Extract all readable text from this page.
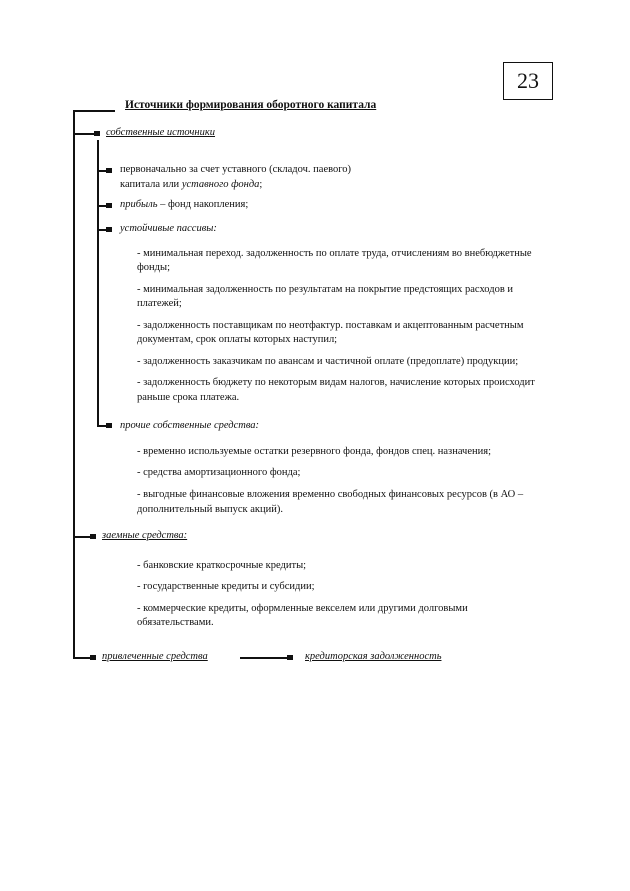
23
Источники формирования оборотного капитала
собственные источники
первоначально за счет уставного (складоч. паевого)
капитала или уставного фонда;
прибыль – фонд накопления;
устойчивые пассивы:
- минимальная переход. задолженность по оплате труда, отчислениям во внебюджетные
фонды;
- минимальная задолженность по результатам на покрытие предстоящих расходов и
платежей;
- задолженность поставщикам по неотфактур. поставкам и акцептованным расчетным
документам, срок оплаты которых наступил;
- задолженность заказчикам по авансам и частичной оплате (предоплате) продукции;
- задолженность бюджету по некоторым видам налогов, начисление которых происходит
раньше срока платежа.
прочие собственные средства:
- временно используемые остатки резервного фонда, фондов спец. назначения;
- средства амортизационного фонда;
- выгодные финансовые вложения временно свободных финансовых ресурсов (в АО –
дополнительный выпуск акций).
заемные средства:
- банковские краткосрочные кредиты;
- государственные кредиты и субсидии;
- коммерческие кредиты, оформленные векселем или другими долговыми
обязательствами.
привлеченные средства	кредиторская задолженность
